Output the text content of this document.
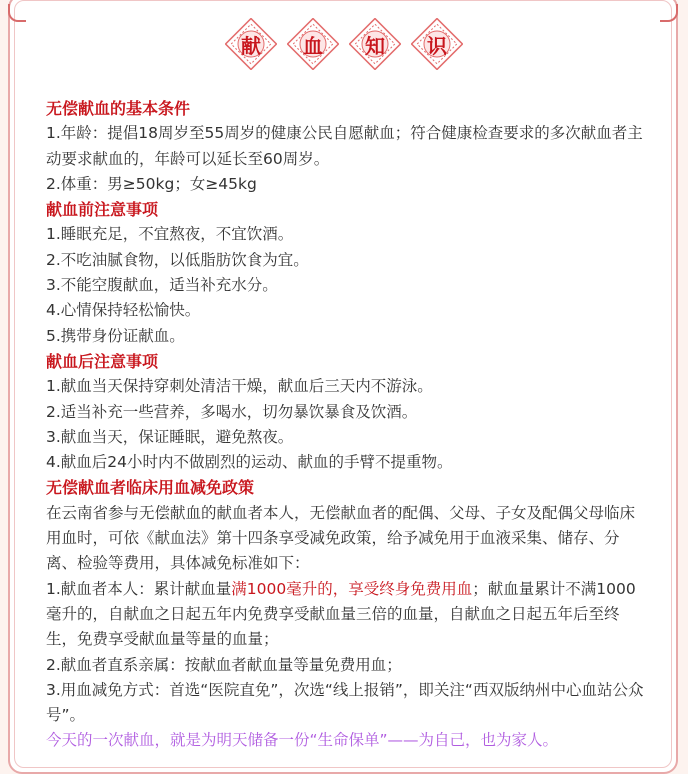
献 血 知 识

无偿献血的基本条件

1.年龄：提倡18周岁至55周岁的健康公民自愿献血；符合健康检查要求的多次献血者主动要求献血的，年龄可以延长至60周岁。

2.体重：男≥50kg；女≥45kg

献血前注意事项

1.睡眠充足，不宜熬夜，不宜饮酒。

2.不吃油腻食物，以低脂肪饮食为宜。

3.不能空腹献血，适当补充水分。

4.心情保持轻松愉快。

5.携带身份证献血。

献血后注意事项

1.献血当天保持穿刺处清洁干燥，献血后三天内不游泳。

2.适当补充一些营养，多喝水，切勿暴饮暴食及饮酒。

3.献血当天，保证睡眠，避免熬夜。

4.献血后24小时内不做剧烈的运动、献血的手臂不提重物。

无偿献血者临床用血减免政策

在云南省参与无偿献血的献血者本人，无偿献血者的配偶、父母、子女及配偶父母临床用血时，可依《献血法》第十四条享受减免政策，给予减免用于血液采集、储存、分离、检验等费用，具体减免标准如下：

1.献血者本人：累计献血量满1000毫升的，享受终身免费用血；献血量累计不满1000 毫升的，自献血之日起五年内免费享受献血量三倍的血量，自献血之日起五年后至终生，免费享受献血量等量的血量；

2.献血者直系亲属：按献血者献血量等量免费用血；

3.用血减免方式：首选“医院直免”，次选“线上报销”，即关注“西双版纳州中心血站公众号”。

今天的一次献血，就是为明天储备一份“生命保单”——为自己，也为家人。
